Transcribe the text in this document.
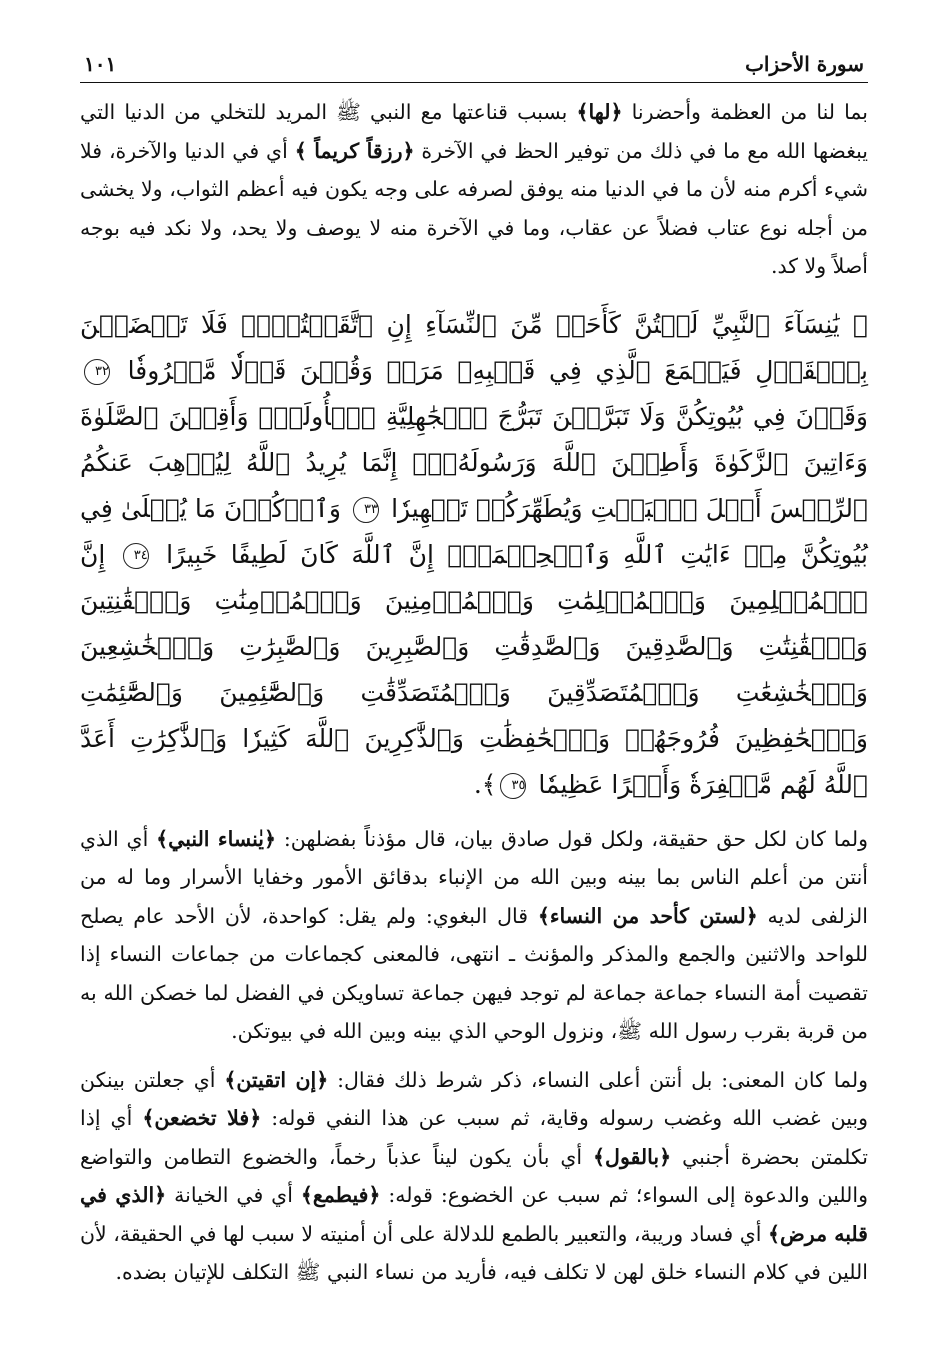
سورة الأحزاب
١٠١

بما لنا من العظمة وأحضرنا ﴿لها﴾ بسبب قناعتها مع النبي ﷺ المريد للتخلي من الدنيا التي يبغضها الله مع ما في ذلك من توفير الحظ في الآخرة ﴿رزقاً كريماً ﴾ أي في الدنيا والآخرة، فلا شيء أكرم منه لأن ما في الدنيا منه يوفق لصرفه على وجه يكون فيه أعظم الثواب، ولا يخشى من أجله نوع عتاب فضلاً عن عقاب، وما في الآخرة منه لا يوصف ولا يحد، ولا نكد فيه بوجه أصلاً ولا كد.

﴿ يَٰنِسَآءَ ٱلنَّبِيِّ لَسۡتُنَّ كَأَحَدٖ مِّنَ ٱلنِّسَآءِ إِنِ ٱتَّقَيۡتُنَّۚ فَلَا تَخۡضَعۡنَ بِٱلۡقَوۡلِ فَيَطۡمَعَ ٱلَّذِي فِي قَلۡبِهِۦ مَرَضٞ وَقُلۡنَ قَوۡلٗا مَّعۡرُوفٗا ٣٢ وَقَرۡنَ فِي بُيُوتِكُنَّ وَلَا تَبَرَّجۡنَ تَبَرُّجَ ٱلۡجَٰهِلِيَّةِ ٱلۡأُولَىٰۖ وَأَقِمۡنَ ٱلصَّلَوٰةَ وَءَاتِينَ ٱلزَّكَوٰةَ وَأَطِعۡنَ ٱللَّهَ وَرَسُولَهُۥٓۚ إِنَّمَا يُرِيدُ ٱللَّهُ لِيُذۡهِبَ عَنكُمُ ٱلرِّجۡسَ أَهۡلَ ٱلۡبَيۡتِ وَيُطَهِّرَكُمۡ تَطۡهِيرٗا ٣٣ وَٱذۡكُرۡنَ مَا يُتۡلَىٰ فِي بُيُوتِكُنَّ مِنۡ ءَايَٰتِ ٱللَّهِ وَٱلۡحِكۡمَةِۚ إِنَّ ٱللَّهَ كَانَ لَطِيفًا خَبِيرًا ٣٤ إِنَّ ٱلۡمُسۡلِمِينَ وَٱلۡمُسۡلِمَٰتِ وَٱلۡمُؤۡمِنِينَ وَٱلۡمُؤۡمِنَٰتِ وَٱلۡقَٰنِتِينَ وَٱلۡقَٰنِتَٰتِ وَٱلصَّٰدِقِينَ وَٱلصَّٰدِقَٰتِ وَٱلصَّٰبِرِينَ وَٱلصَّٰبِرَٰتِ وَٱلۡخَٰشِعِينَ وَٱلۡخَٰشِعَٰتِ وَٱلۡمُتَصَدِّقِينَ وَٱلۡمُتَصَدِّقَٰتِ وَٱلصَّٰٓئِمِينَ وَٱلصَّٰٓئِمَٰتِ وَٱلۡحَٰفِظِينَ فُرُوجَهُمۡ وَٱلۡحَٰفِظَٰتِ وَٱلذَّٰكِرِينَ ٱللَّهَ كَثِيرٗا وَٱلذَّٰكِرَٰتِ أَعَدَّ ٱللَّهُ لَهُم مَّغۡفِرَةٗ وَأَجۡرًا عَظِيمٗا ٣٥﴾.

ولما كان لكل حق حقيقة، ولكل قول صادق بيان، قال مؤذناً بفضلهن: ﴿يٰنساء النبي﴾ أي الذي أنتن من أعلم الناس بما بينه وبين الله من الإنباء بدقائق الأمور وخفايا الأسرار وما له من الزلفى لديه ﴿لستن كأحد من النساء﴾ قال البغوي: ولم يقل: كواحدة، لأن الأحد عام يصلح للواحد والاثنين والجمع والمذكر والمؤنث ـ انتهى، فالمعنى كجماعات من جماعات النساء إذا تقصيت أمة النساء جماعة جماعة لم توجد فيهن جماعة تساويكن في الفضل لما خصكن الله به من قربة بقرب رسول الله ﷺ، ونزول الوحي الذي بينه وبين الله في بيوتكن.

ولما كان المعنى: بل أنتن أعلى النساء، ذكر شرط ذلك فقال: ﴿إن اتقيتن﴾ أي جعلتن بينكن وبين غضب الله وغضب رسوله وقاية، ثم سبب عن هذا النفي قوله: ﴿فلا تخضعن﴾ أي إذا تكلمتن بحضرة أجنبي ﴿بالقول﴾ أي بأن يكون ليناً عذباً رخماً، والخضوع التطامن والتواضع واللين والدعوة إلى السواء؛ ثم سبب عن الخضوع: قوله: ﴿فيطمع﴾ أي في الخيانة ﴿الذي في قلبه مرض﴾ أي فساد وريبة، والتعبير بالطمع للدلالة على أن أمنيته لا سبب لها في الحقيقة، لأن اللين في كلام النساء خلق لهن لا تكلف فيه، فأريد من نساء النبي ﷺ التكلف للإتيان بضده.
